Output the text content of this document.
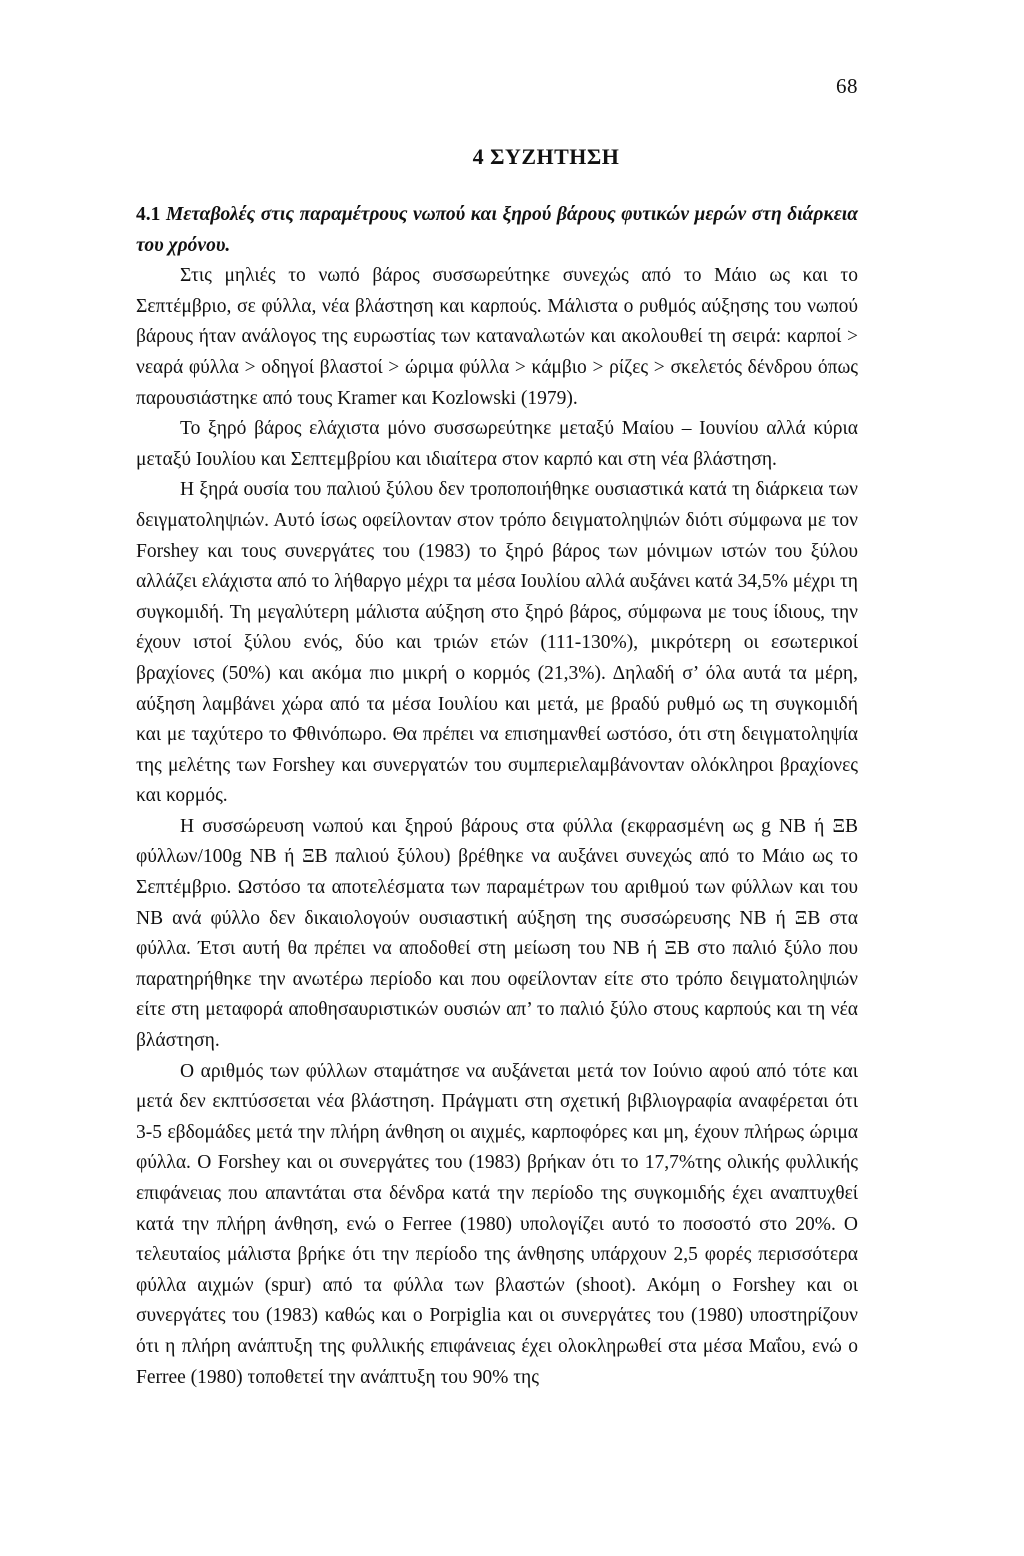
68
4 ΣΥΖΗΤΗΣΗ

4.1 Μεταβολές στις παραμέτρους νωπού και ξηρού βάρους φυτικών μερών στη διάρκεια του χρόνου.

Στις μηλιές το νωπό βάρος συσσωρεύτηκε συνεχώς από το Μάιο ως και το Σεπτέμβριο, σε φύλλα, νέα βλάστηση και καρπούς. Μάλιστα ο ρυθμός αύξησης του νωπού βάρους ήταν ανάλογος της ευρωστίας των καταναλωτών και ακολουθεί τη σειρά: καρποί > νεαρά φύλλα > οδηγοί βλαστοί > ώριμα φύλλα > κάμβιο > ρίζες > σκελετός δένδρου όπως παρουσιάστηκε από τους Kramer και Kozlowski (1979).

Το ξηρό βάρος ελάχιστα μόνο συσσωρεύτηκε μεταξύ Μαίου – Ιουνίου αλλά κύρια μεταξύ Ιουλίου και Σεπτεμβρίου και ιδιαίτερα στον καρπό και στη νέα βλάστηση.

Η ξηρά ουσία του παλιού ξύλου δεν τροποποιήθηκε ουσιαστικά κατά τη διάρκεια των δειγματοληψιών. Αυτό ίσως οφείλονταν στον τρόπο δειγματοληψιών διότι σύμφωνα με τον Forshey και τους συνεργάτες του (1983) το ξηρό βάρος των μόνιμων ιστών του ξύλου αλλάζει ελάχιστα από το λήθαργο μέχρι τα μέσα Ιουλίου αλλά αυξάνει κατά 34,5% μέχρι τη συγκομιδή. Τη μεγαλύτερη μάλιστα αύξηση στο ξηρό βάρος, σύμφωνα με τους ίδιους, την έχουν ιστοί ξύλου ενός, δύο και τριών ετών (111-130%), μικρότερη οι εσωτερικοί βραχίονες (50%) και ακόμα πιο μικρή ο κορμός (21,3%). Δηλαδή σ’ όλα αυτά τα μέρη, αύξηση λαμβάνει χώρα από τα μέσα Ιουλίου και μετά, με βραδύ ρυθμό ως τη συγκομιδή και με ταχύτερο το Φθινόπωρο. Θα πρέπει να επισημανθεί ωστόσο, ότι στη δειγματοληψία της μελέτης των Forshey και συνεργατών του συμπεριελαμβάνονταν ολόκληροι βραχίονες και κορμός.

Η συσσώρευση νωπού και ξηρού βάρους στα φύλλα (εκφρασμένη ως g NB ή ΞΒ φύλλων/100g NB ή ΞΒ παλιού ξύλου) βρέθηκε να αυξάνει συνεχώς από το Μάιο ως το Σεπτέμβριο. Ωστόσο τα αποτελέσματα των παραμέτρων του αριθμού των φύλλων και του NB ανά φύλλο δεν δικαιολογούν ουσιαστική αύξηση της συσσώρευσης NB ή ΞΒ στα φύλλα. Έτσι αυτή θα πρέπει να αποδοθεί στη μείωση του NB ή ΞΒ στο παλιό ξύλο που παρατηρήθηκε την ανωτέρω περίοδο και που οφείλονταν είτε στο τρόπο δειγματοληψιών είτε στη μεταφορά αποθησαυριστικών ουσιών απ’ το παλιό ξύλο στους καρπούς και τη νέα βλάστηση.

Ο αριθμός των φύλλων σταμάτησε να αυξάνεται μετά τον Ιούνιο αφού από τότε και μετά δεν εκπτύσσεται νέα βλάστηση. Πράγματι στη σχετική βιβλιογραφία αναφέρεται ότι 3-5 εβδομάδες μετά την πλήρη άνθηση οι αιχμές, καρποφόρες και μη, έχουν πλήρως ώριμα φύλλα. Ο Forshey και οι συνεργάτες του (1983) βρήκαν ότι το 17,7%της ολικής φυλλικής επιφάνειας που απαντάται στα δένδρα κατά την περίοδο της συγκομιδής έχει αναπτυχθεί κατά την πλήρη άνθηση, ενώ ο Ferree (1980) υπολογίζει αυτό το ποσοστό στο 20%. Ο τελευταίος μάλιστα βρήκε ότι την περίοδο της άνθησης υπάρχουν 2,5 φορές περισσότερα φύλλα αιχμών (spur) από τα φύλλα των βλαστών (shoot). Ακόμη ο Forshey και οι συνεργάτες του (1983) καθώς και ο Porpiglia και οι συνεργάτες του (1980) υποστηρίζουν ότι η πλήρη ανάπτυξη της φυλλικής επιφάνειας έχει ολοκληρωθεί στα μέσα Μαΐου, ενώ ο Ferree (1980) τοποθετεί την ανάπτυξη του 90% της
